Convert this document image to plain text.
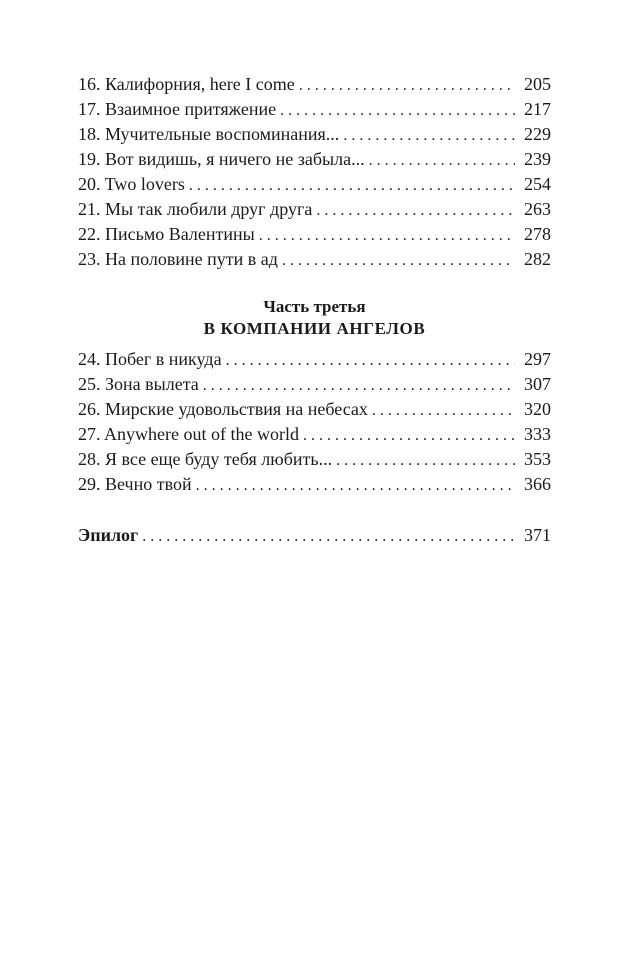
16. Калифорния, here I come . . .	205
17. Взаимное притяжение . . .	217
18. Мучительные воспоминания... . . .	229
19. Вот видишь, я ничего не забыла... . . .	239
20. Two lovers . . .	254
21. Мы так любили друг друга . . .	263
22. Письмо Валентины . . .	278
23. На половине пути в ад . . .	282
Часть третья
В КОМПАНИИ АНГЕЛОВ
24. Побег в никуда . . .	297
25. Зона вылета . . .	307
26. Мирские удовольствия на небесах . . .	320
27. Anywhere out of the world . . .	333
28. Я все еще буду тебя любить... . . .	353
29. Вечно твой . . .	366
Эпилог . . .	371
